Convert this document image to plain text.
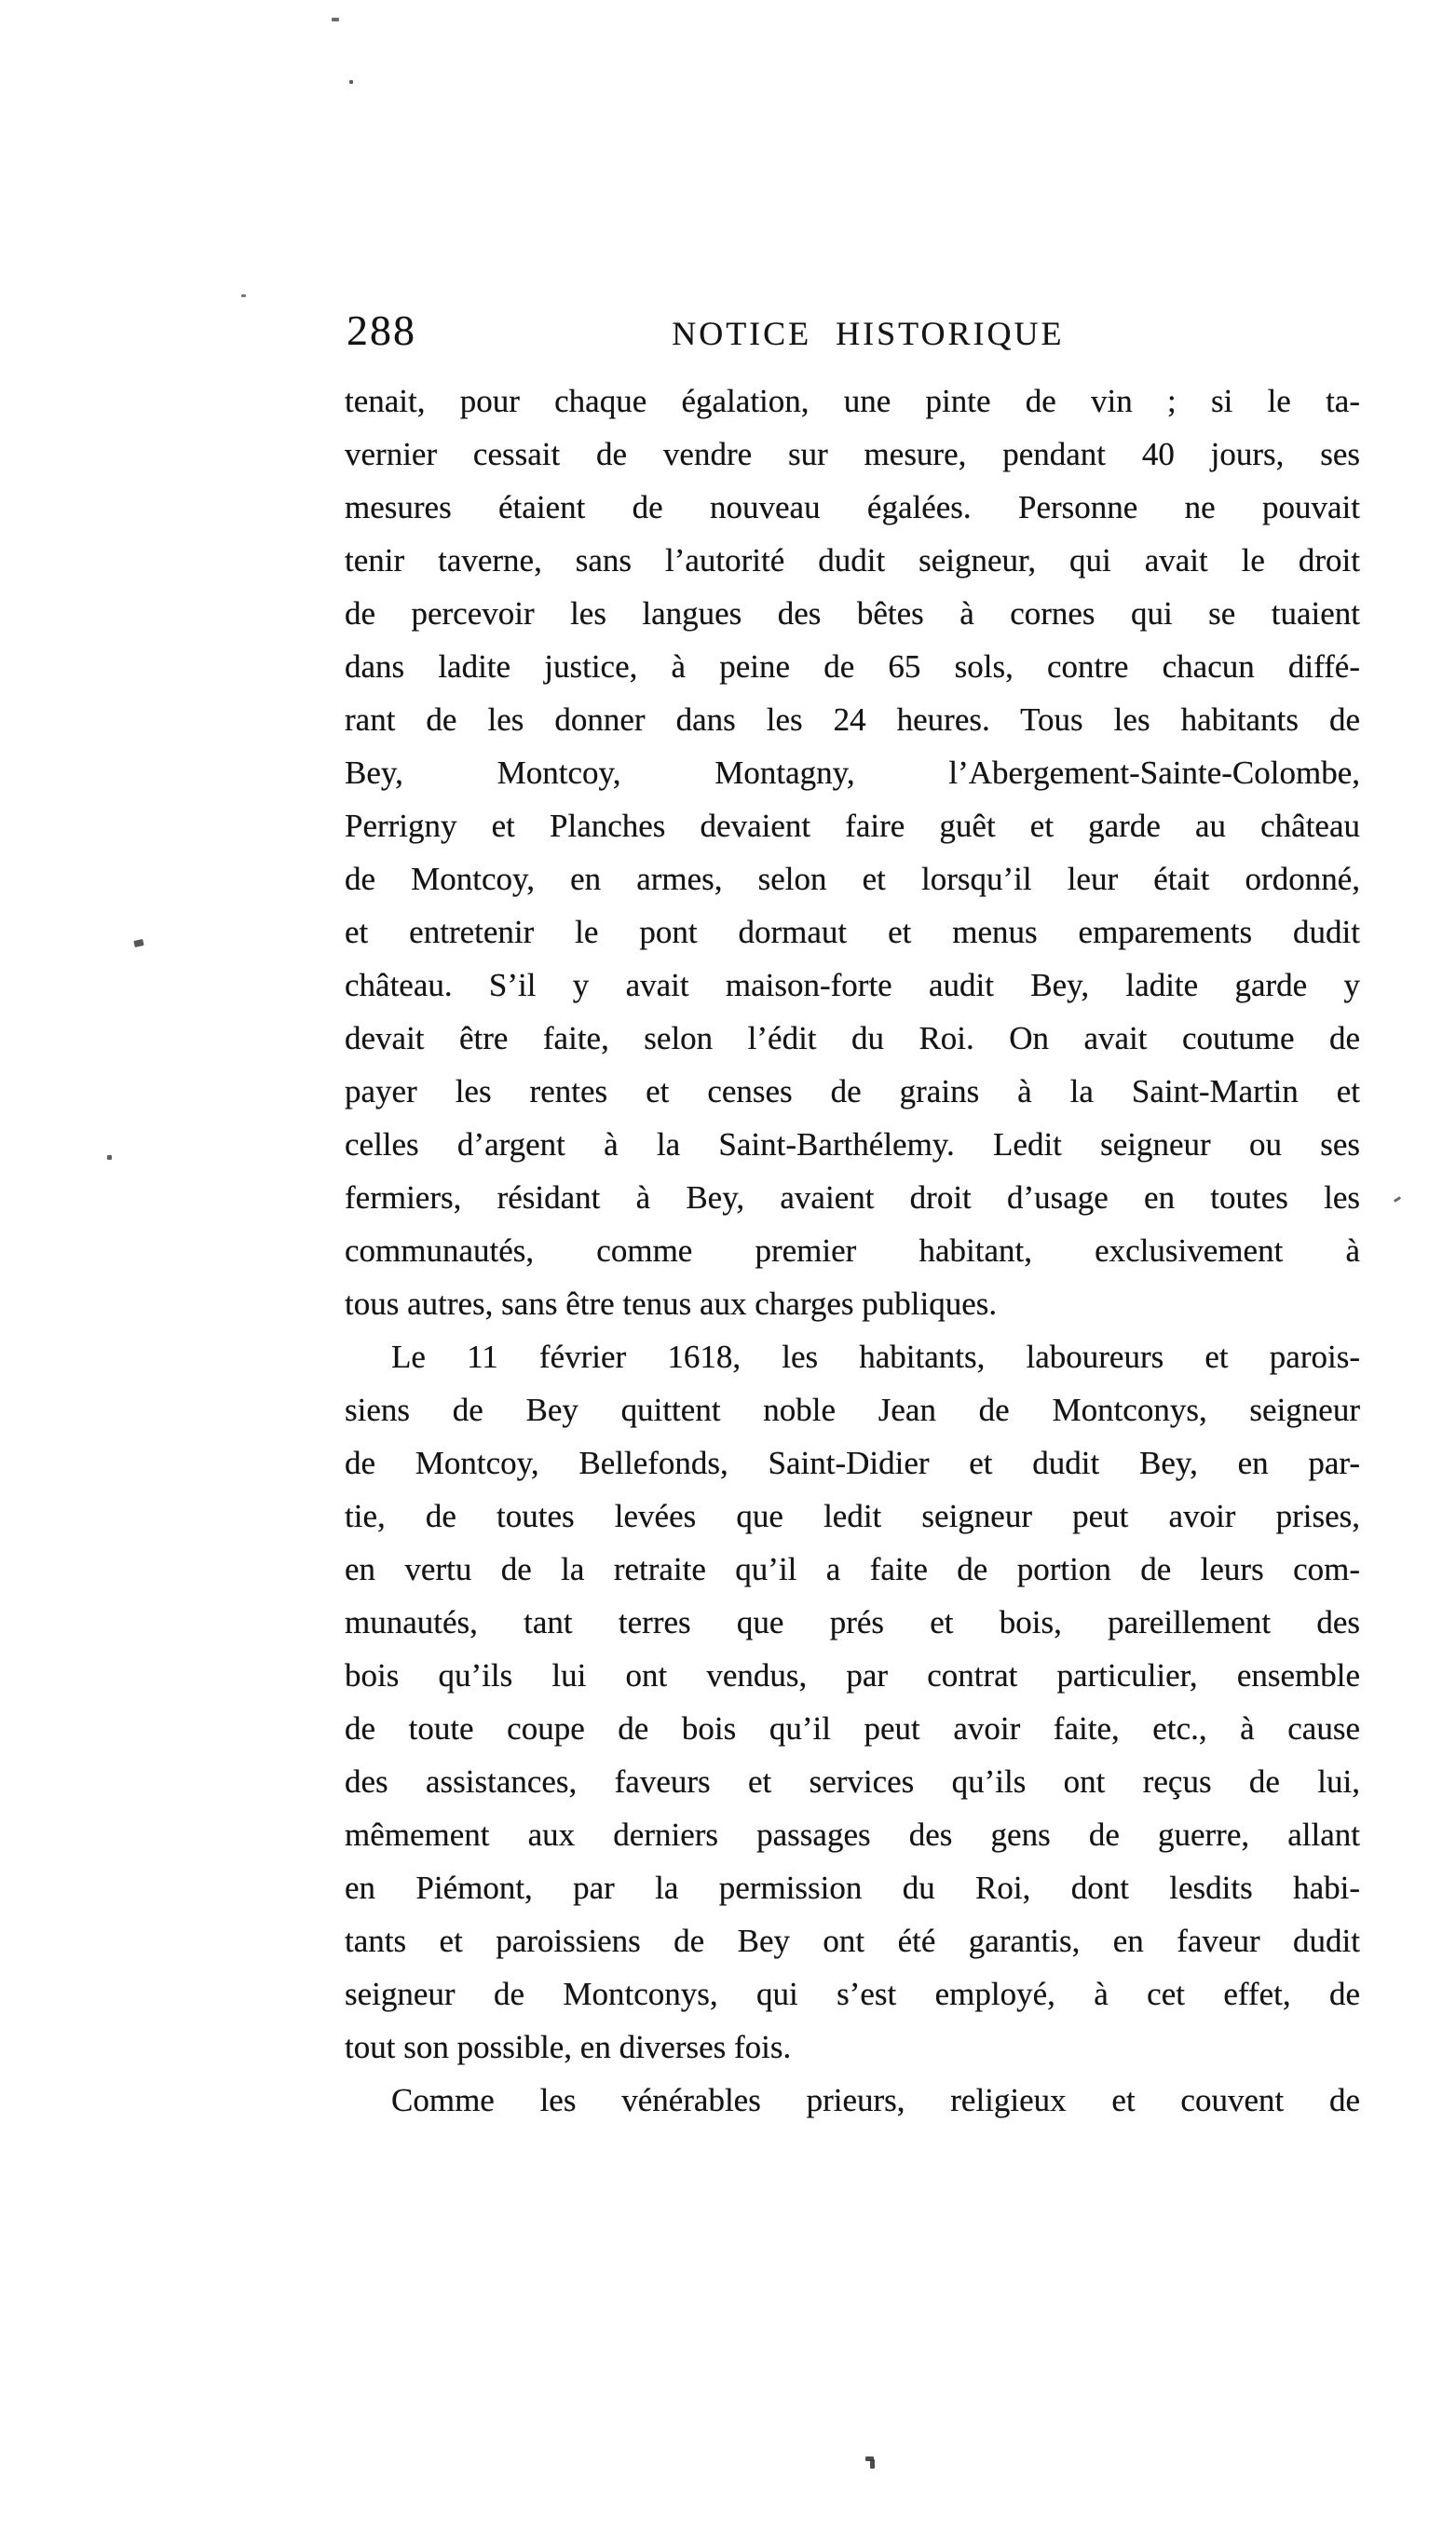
288	NOTICE HISTORIQUE
tenait, pour chaque égalation, une pinte de vin ; si le ta-
vernier cessait de vendre sur mesure, pendant 40 jours, ses
mesures étaient de nouveau égalées. Personne ne pouvait
tenir taverne, sans l’autorité dudit seigneur, qui avait le droit
de percevoir les langues des bêtes à cornes qui se tuaient
dans ladite justice, à peine de 65 sols, contre chacun diffé-
rant de les donner dans les 24 heures. Tous les habitants de
Bey, Montcoy, Montagny, l’Abergement-Sainte-Colombe,
Perrigny et Planches devaient faire guêt et garde au château
de Montcoy, en armes, selon et lorsqu’il leur était ordonné,
et entretenir le pont dormaut et menus emparements dudit
château. S’il y avait maison-forte audit Bey, ladite garde y
devait être faite, selon l’édit du Roi. On avait coutume de
payer les rentes et censes de grains à la Saint-Martin et
celles d’argent à la Saint-Barthélemy. Ledit seigneur ou ses
fermiers, résidant à Bey, avaient droit d’usage en toutes les
communautés, comme premier habitant, exclusivement à
tous autres, sans être tenus aux charges publiques.
Le 11 février 1618, les habitants, laboureurs et parois-
siens de Bey quittent noble Jean de Montconys, seigneur
de Montcoy, Bellefonds, Saint-Didier et dudit Bey, en par-
tie, de toutes levées que ledit seigneur peut avoir prises,
en vertu de la retraite qu’il a faite de portion de leurs com-
munautés, tant terres que prés et bois, pareillement des
bois qu’ils lui ont vendus, par contrat particulier, ensemble
de toute coupe de bois qu’il peut avoir faite, etc., à cause
des assistances, faveurs et services qu’ils ont reçus de lui,
mêmement aux derniers passages des gens de guerre, allant
en Piémont, par la permission du Roi, dont lesdits habi-
tants et paroissiens de Bey ont été garantis, en faveur dudit
seigneur de Montconys, qui s’est employé, à cet effet, de
tout son possible, en diverses fois.
Comme les vénérables prieurs, religieux et couvent de
